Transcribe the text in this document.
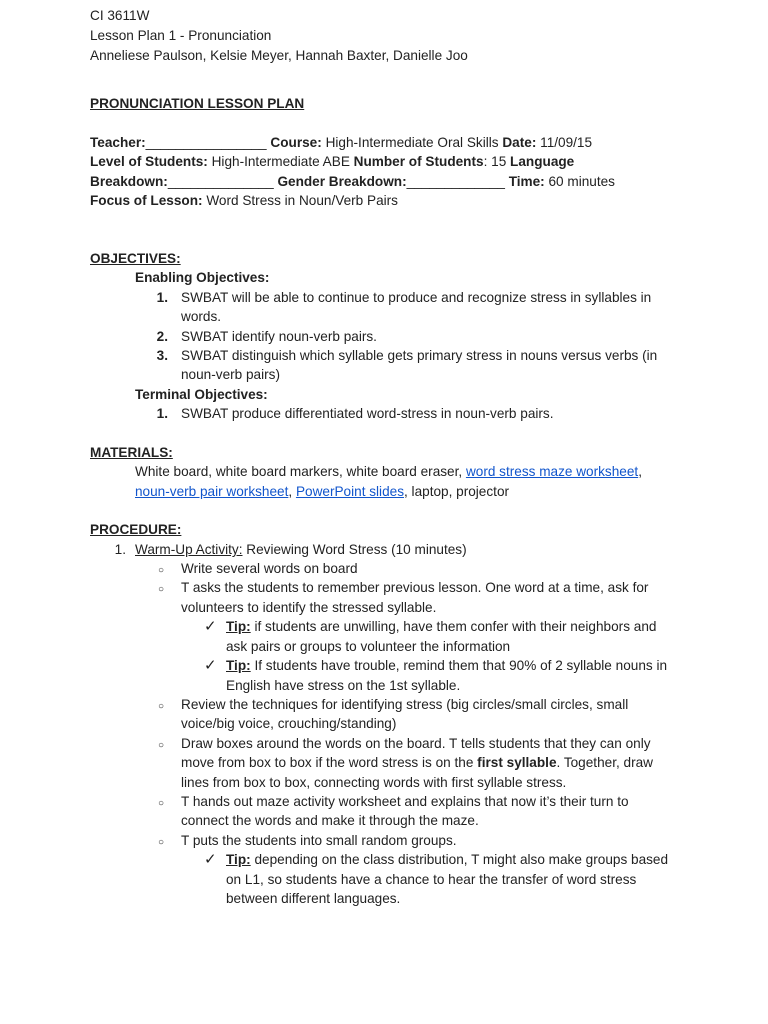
CI 3611W
Lesson Plan 1 - Pronunciation
Anneliese Paulson, Kelsie Meyer, Hannah Baxter, Danielle Joo
PRONUNCIATION LESSON PLAN
Teacher:________________ Course: High-Intermediate Oral Skills Date: 11/09/15
Level of Students: High-Intermediate ABE Number of Students: 15 Language
Breakdown:______________ Gender Breakdown:_____________ Time: 60 minutes
Focus of Lesson: Word Stress in Noun/Verb Pairs
OBJECTIVES:
Enabling Objectives:
1. SWBAT will be able to continue to produce and recognize stress in syllables in
words.
2. SWBAT identify noun-verb pairs.
3. SWBAT distinguish which syllable gets primary stress in nouns versus verbs (in
noun-verb pairs)
Terminal Objectives:
1. SWBAT produce differentiated word-stress in noun-verb pairs.
MATERIALS:
White board, white board markers, white board eraser, word stress maze worksheet,
noun-verb pair worksheet, PowerPoint slides, laptop, projector
PROCEDURE:
1. Warm-Up Activity: Reviewing Word Stress (10 minutes)
○ Write several words on board
○ T asks the students to remember previous lesson. One word at a time, ask for
volunteers to identify the stressed syllable.
✓ Tip: if students are unwilling, have them confer with their neighbors and
ask pairs or groups to volunteer the information
✓ Tip: If students have trouble, remind them that 90% of 2 syllable nouns in
English have stress on the 1st syllable.
○ Review the techniques for identifying stress (big circles/small circles, small
voice/big voice, crouching/standing)
○ Draw boxes around the words on the board. T tells students that they can only
move from box to box if the word stress is on the first syllable. Together, draw
lines from box to box, connecting words with first syllable stress.
○ T hands out maze activity worksheet and explains that now it’s their turn to
connect the words and make it through the maze.
○ T puts the students into small random groups.
✓ Tip: depending on the class distribution, T might also make groups based
on L1, so students have a chance to hear the transfer of word stress
between different languages.
